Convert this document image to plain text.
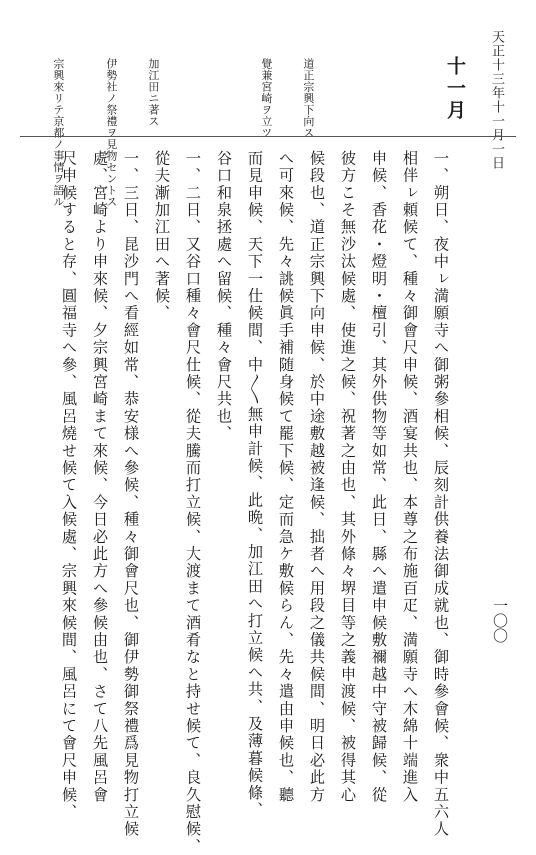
天正十三年十一月一日
一〇〇
十一月
道正宗興下向ス
覺兼宮崎ヲ立ツ
加江田ニ著ス
伊勢社ノ祭禮ヲ見物セントス
宗興來リテ京都ノ事情ヲ語ル
一、朔日、夜中ㇾ満願寺へ御粥參相候、辰刻計供養法御成就也、御時參會候、衆中五六人
相伴ㇾ頼候て、種々御會尺申候、酒宴共也、本尊之布施百疋、満願寺へ木綿十端進入
申候、香花・燈明・檀引、其外供物等如常、此日、縣へ遣申候敷禰越中守被歸候、從
彼方こそ無沙汰候處、使進之候、祝著之由也、其外條々堺目等之義申渡候、被得其心
候段也、道正宗興下向申候、於中途敷越被逢候、拙者へ用段之儀共候間、明日必此方
へ可來候、先々誂候眞手補随身候て罷下候、定而急ケ敷候らん、先々遣由申候也、聽
而見申候、天下一仕候間、中〳〵無申計候、此晩、加江田へ打立候へ共、及薄暮候條、
谷口和泉拯處へ留候、種々會尺共也、
一、二日、又谷口種々會尺仕候、從夫騰而打立候、大渡まて酒肴なと持せ候て、良久慰候、
從夫漸加江田へ著候、
一、三日、昆沙門へ看經如常、恭安様へ參候、種々御會尺也、御伊勢御祭禮爲見物打立候
處、宮崎より申來候、夕宗興宮崎まて來候、今日必此方へ參候由也、さて八先風呂會
尺申候すると存、圓福寺へ參、風呂燒せ候て入候處、宗興來候間、風呂にて會尺申候、
